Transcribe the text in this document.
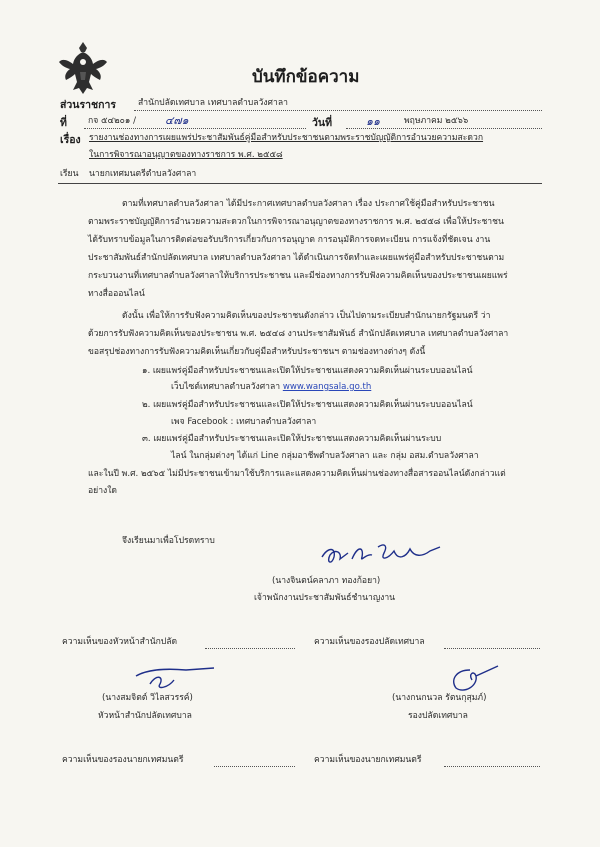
บันทึกข้อความ
ส่วนราชการ	สำนักปลัดเทศบาล เทศบาลตำบลวังศาลา
ที่ กจ ๕๔๒๐๑ /	๔๗๑	วันที่	๑๑	พฤษภาคม ๒๕๖๖
เรื่อง รายงานช่องทางการเผยแพร่ประชาสัมพันธ์คู่มือสำหรับประชาชนตามพระราชบัญญัติการอำนวยความสะดวก
ในการพิจารณาอนุญาตของทางราชการ พ.ศ. ๒๕๕๘
เรียน นายกเทศมนตรีตำบลวังศาลา
ตามที่เทศบาลตำบลวังศาลา ได้มีประกาศเทศบาลตำบลวังศาลา เรื่อง ประกาศใช้คู่มือสำหรับประชาชน
ตามพระราชบัญญัติการอำนวยความสะดวกในการพิจารณาอนุญาตของทางราชการ พ.ศ. ๒๕๕๘ เพื่อให้ประชาชน
ได้รับทราบข้อมูลในการติดต่อขอรับบริการเกี่ยวกับการอนุญาต การอนุมัติการจดทะเบียน การแจ้งที่ชัดเจน งาน
ประชาสัมพันธ์สำนักปลัดเทศบาล เทศบาลตำบลวังศาลา ได้ดำเนินการจัดทำและเผยแพร่คู่มือสำหรับประชาชนตาม
กระบวนงานที่เทศบาลตำบลวังศาลาให้บริการประชาชน และมีช่องทางการรับฟังความคิดเห็นของประชาชนเผยแพร่
ทางสื่อออนไลน์
ดังนั้น เพื่อให้การรับฟังความคิดเห็นของประชาชนดังกล่าว เป็นไปตามระเบียบสำนักนายกรัฐมนตรี ว่า
ด้วยการรับฟังความคิดเห็นของประชาชน พ.ศ. ๒๕๔๘ งานประชาสัมพันธ์ สำนักปลัดเทศบาล เทศบาลตำบลวังศาลา
ขอสรุปช่องทางการรับฟังความคิดเห็นเกี่ยวกับคู่มือสำหรับประชาชนฯ ตามช่องทางต่างๆ ดังนี้
๑. เผยแพร่คู่มือสำหรับประชาชนและเปิดให้ประชาชนแสดงความคิดเห็นผ่านระบบออนไลน์
เว็บไซต์เทศบาลตำบลวังศาลา www.wangsala.go.th
๒. เผยแพร่คู่มือสำหรับประชาชนและเปิดให้ประชาชนแสดงความคิดเห็นผ่านระบบออนไลน์
เพจ Facebook : เทศบาลตำบลวังศาลา
๓. เผยแพร่คู่มือสำหรับประชาชนและเปิดให้ประชาชนแสดงความคิดเห็นผ่านระบบ
ไลน์ ในกลุ่มต่างๆ ได้แก่ Line กลุ่มอาชีพตำบลวังศาลา และ กลุ่ม อสม.ตำบลวังศาลา
และในปี พ.ศ. ๒๕๖๕ ไม่มีประชาชนเข้ามาใช้บริการและแสดงความคิดเห็นผ่านช่องทางสื่อสารออนไลน์ดังกล่าวแต่
อย่างใด
จึงเรียนมาเพื่อโปรดทราบ
(นางจินตน์คลาภา ทองก้อยา)
เจ้าพนักงานประชาสัมพันธ์ชำนาญงาน
ความเห็นของหัวหน้าสำนักปลัด	ความเห็นของรองปลัดเทศบาล
(นางสมจิตต์ วิไลสวรรค์)
หัวหน้าสำนักปลัดเทศบาล
(นางกนกนวล รัตนกุสุมภ์)
รองปลัดเทศบาล
ความเห็นของรองนายกเทศมนตรี	ความเห็นของนายกเทศมนตรี
